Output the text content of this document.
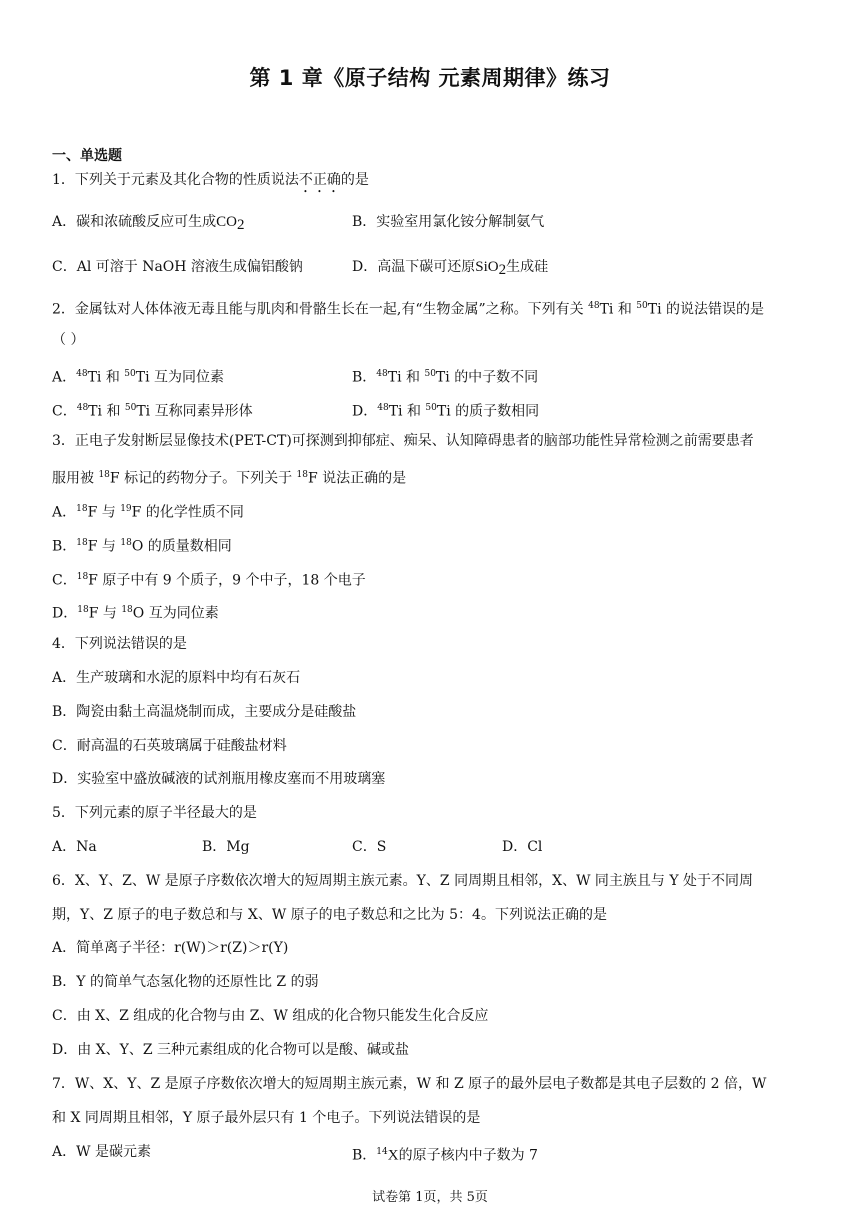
第 1 章《原子结构 元素周期律》练习
一、单选题
1．下列关于元素及其化合物的性质说法不正确的是
A．碳和浓硫酸反应可生成$CO_2$	B．实验室用氯化铵分解制氨气
C．Al 可溶于 NaOH 溶液生成偏铝酸钠	D．高温下碳可还原SiO$_2$生成硅
2．金属钛对人体体液无毒且能与肌肉和骨骼生长在一起,有“生物金属”之称。下列有关 $^{48}$Ti 和 $^{50}$Ti 的说法错误的是
（ ）
A．$^{48}$Ti 和 $^{50}$Ti 互为同位素	B．$^{48}$Ti 和 $^{50}$Ti 的中子数不同
C．$^{48}$Ti 和 $^{50}$Ti 互称同素异形体	D．$^{48}$Ti 和 $^{50}$Ti 的质子数相同
3．正电子发射断层显像技术(PET-CT)可探测到抑郁症、痴呆、认知障碍患者的脑部功能性异常检测之前需要患者
服用被 $^{18}$F 标记的药物分子。下列关于 $^{18}$F 说法正确的是
A．$^{18}$F 与 $^{19}$F 的化学性质不同
B．$^{18}$F 与 $^{18}$O 的质量数相同
C．$^{18}$F 原子中有 9 个质子，9 个中子，18 个电子
D．$^{18}$F 与 $^{18}$O 互为同位素
4．下列说法错误的是
A．生产玻璃和水泥的原料中均有石灰石
B．陶瓷由黏土高温烧制而成，主要成分是硅酸盐
C．耐高温的石英玻璃属于硅酸盐材料
D．实验室中盛放碱液的试剂瓶用橡皮塞而不用玻璃塞
5．下列元素的原子半径最大的是
A．Na	B．Mg	C．S	D．Cl
6．X、Y、Z、W 是原子序数依次增大的短周期主族元素。Y、Z 同周期且相邻，X、W 同主族且与 Y 处于不同周
期，Y、Z 原子的电子数总和与 X、W 原子的电子数总和之比为 5：4。下列说法正确的是
A．简单离子半径：r(W)＞r(Z)＞r(Y)
B．Y 的简单气态氢化物的还原性比 Z 的弱
C．由 X、Z 组成的化合物与由 Z、W 组成的化合物只能发生化合反应
D．由 X、Y、Z 三种元素组成的化合物可以是酸、碱或盐
7．W、X、Y、Z 是原子序数依次增大的短周期主族元素，W 和 Z 原子的最外层电子数都是其电子层数的 2 倍，W
和 X 同周期且相邻，Y 原子最外层只有 1 个电子。下列说法错误的是
A．W 是碳元素	B．$^{14}$X的原子核内中子数为 7
试卷第 1页，共 5页
